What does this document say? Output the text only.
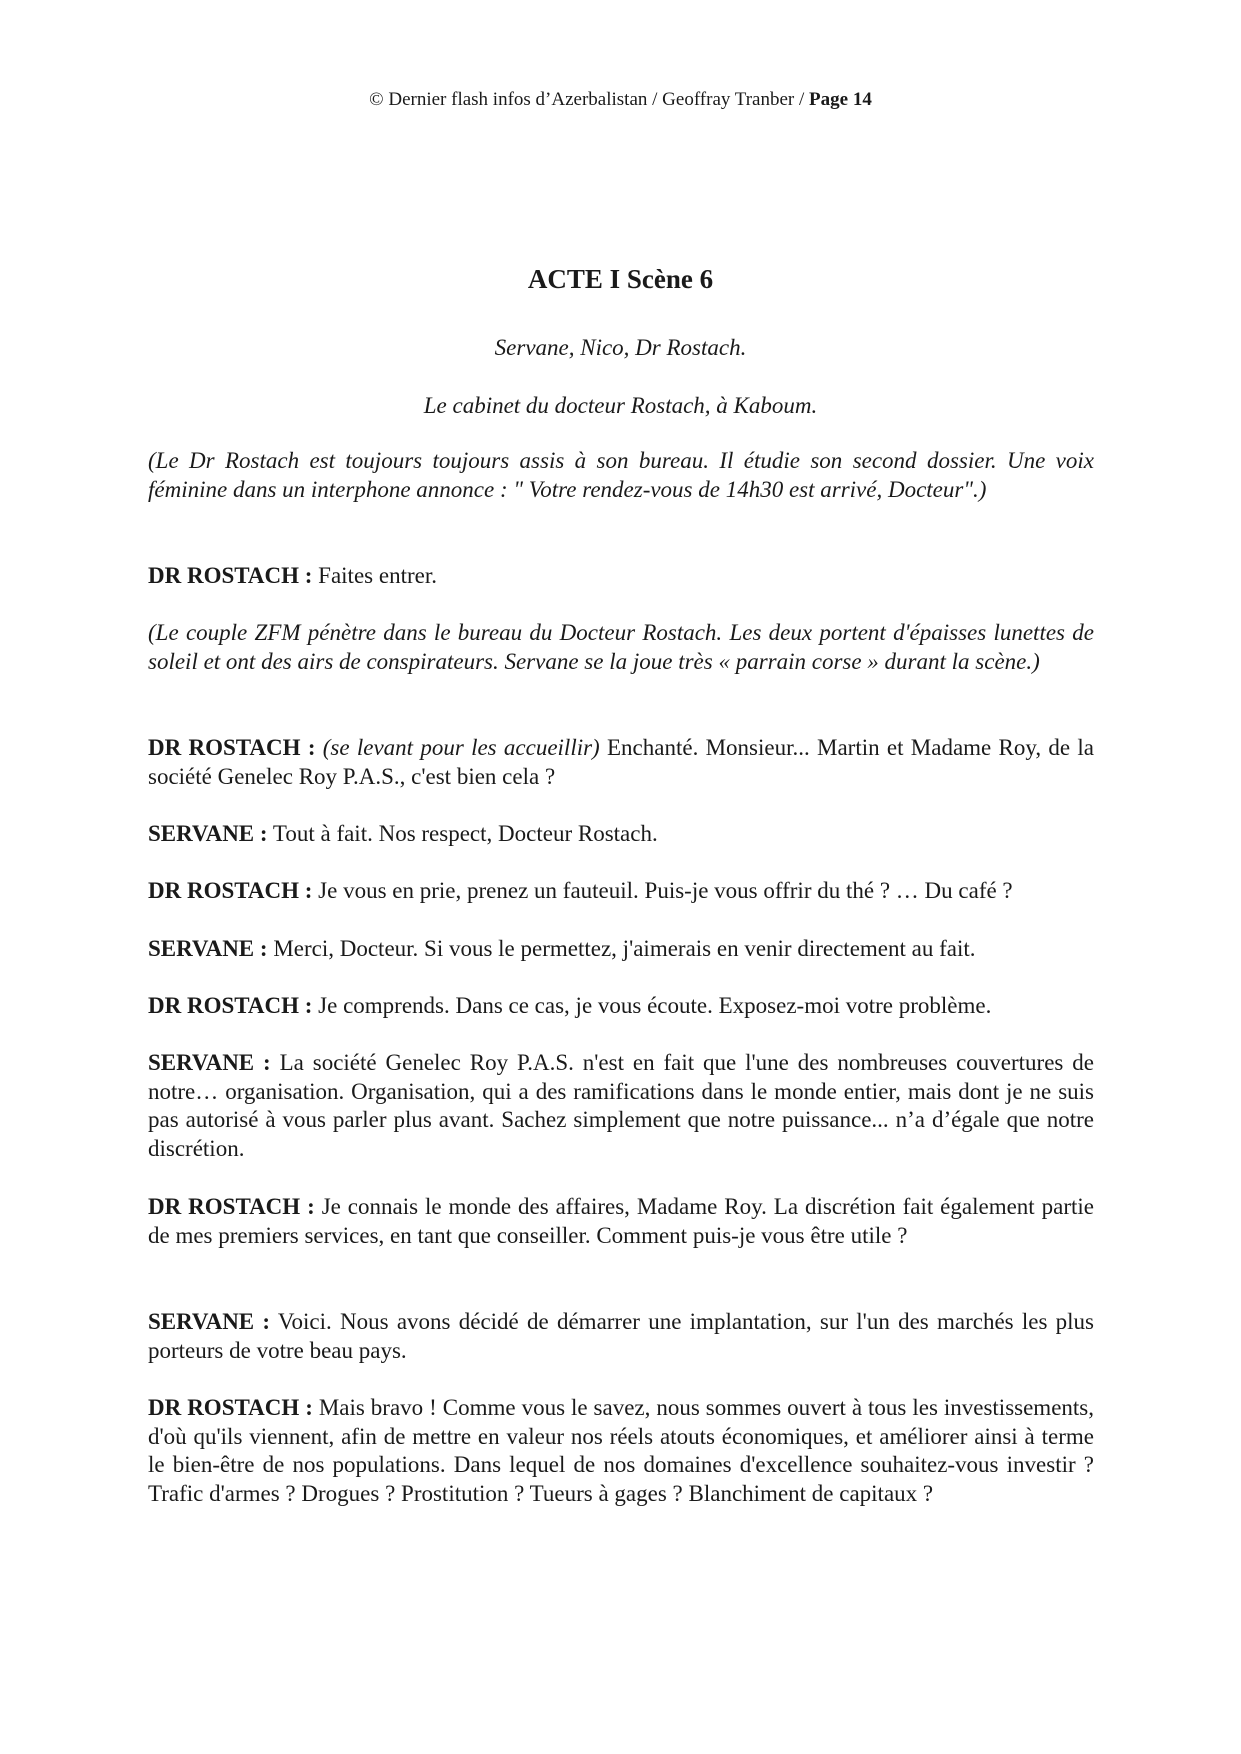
© Dernier flash infos d’Azerbalistan / Geoffray Tranber / Page 14
ACTE I Scène 6
Servane, Nico, Dr Rostach.
Le cabinet du docteur Rostach, à Kaboum.
(Le Dr Rostach est toujours toujours assis à son bureau. Il étudie son second dossier. Une voix féminine dans un interphone annonce : " Votre rendez-vous de 14h30 est arrivé, Docteur".)
DR ROSTACH : Faites entrer.
(Le couple ZFM pénètre dans le bureau du Docteur Rostach. Les deux portent d'épaisses lunettes de soleil et ont des airs de conspirateurs. Servane se la joue très « parrain corse » durant la scène.)
DR ROSTACH : (se levant pour les accueillir) Enchanté. Monsieur... Martin et Madame Roy, de la société Genelec Roy P.A.S., c'est bien cela ?
SERVANE : Tout à fait. Nos respect, Docteur Rostach.
DR ROSTACH : Je vous en prie, prenez un fauteuil. Puis-je vous offrir du thé ? … Du café ?
SERVANE : Merci, Docteur. Si vous le permettez, j'aimerais en venir directement au fait.
DR ROSTACH : Je comprends. Dans ce cas, je vous écoute. Exposez-moi votre problème.
SERVANE : La société Genelec Roy P.A.S. n'est en fait que l'une des nombreuses couvertures de notre… organisation. Organisation, qui a des ramifications dans le monde entier, mais dont je ne suis pas autorisé à vous parler plus avant. Sachez simplement que notre puissance... n’a d’égale que notre discrétion.
DR ROSTACH : Je connais le monde des affaires, Madame Roy. La discrétion fait également partie de mes premiers services, en tant que conseiller. Comment puis-je vous être utile ?
SERVANE : Voici. Nous avons décidé de démarrer une implantation, sur l'un des marchés les plus porteurs de votre beau pays.
DR ROSTACH : Mais bravo ! Comme vous le savez, nous sommes ouvert à tous les investissements, d'où qu'ils viennent, afin de mettre en valeur nos réels atouts économiques, et améliorer ainsi à terme le bien-être de nos populations. Dans lequel de nos domaines d'excellence souhaitez-vous investir ? Trafic d'armes ? Drogues ? Prostitution ? Tueurs à gages ? Blanchiment de capitaux ?
